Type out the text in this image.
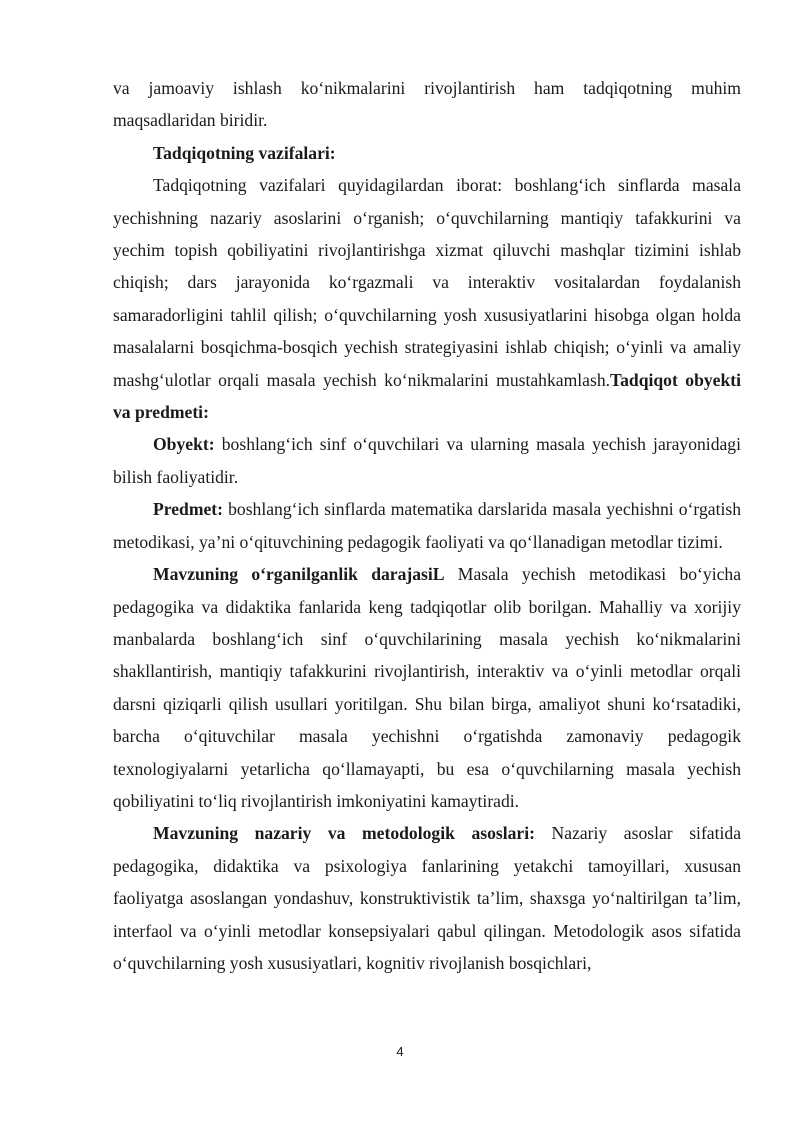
va jamoaviy ishlash ko‘nikmalarini rivojlantirish ham tadqiqotning muhim maqsadlaridan biridir.

Tadqiqotning vazifalari:

Tadqiqotning vazifalari quyidagilardan iborat: boshlang‘ich sinflarda masala yechishning nazariy asoslarini o‘rganish; o‘quvchilarning mantiqiy tafakkurini va yechim topish qobiliyatini rivojlantirishga xizmat qiluvchi mashqlar tizimini ishlab chiqish; dars jarayonida ko‘rgazmali va interaktiv vositalardan foydalanish samaradorligini tahlil qilish; o‘quvchilarning yosh xususiyatlarini hisobga olgan holda masalalarni bosqichma-bosqich yechish strategiyasini ishlab chiqish; o‘yinli va amaliy mashg‘ulotlar orqali masala yechish ko‘nikmalarini mustahkamlash.Tadqiqot obyekti va predmeti:

Obyekt: boshlang‘ich sinf o‘quvchilari va ularning masala yechish jarayonidagi bilish faoliyatidir.

Predmet: boshlang‘ich sinflarda matematika darslarida masala yechishni o‘rgatish metodikasi, ya’ni o‘qituvchining pedagogik faoliyati va qo‘llanadigan metodlar tizimi.

Mavzuning o‘rganilganlik darajasiL Masala yechish metodikasi bo‘yicha pedagogika va didaktika fanlarida keng tadqiqotlar olib borilgan. Mahalliy va xorijiy manbalarda boshlang‘ich sinf o‘quvchilarining masala yechish ko‘nikmalarini shakllantirish, mantiqiy tafakkurini rivojlantirish, interaktiv va o‘yinli metodlar orqali darsni qiziqarli qilish usullari yoritilgan. Shu bilan birga, amaliyot shuni ko‘rsatadiki, barcha o‘qituvchilar masala yechishni o‘rgatishda zamonaviy pedagogik texnologiyalarni yetarlicha qo‘llamayapti, bu esa o‘quvchilarning masala yechish qobiliyatini to‘liq rivojlantirish imkoniyatini kamaytiradi.

Mavzuning nazariy va metodologik asoslari: Nazariy asoslar sifatida pedagogika, didaktika va psixologiya fanlarining yetakchi tamoyillari, xususan faoliyatga asoslangan yondashuv, konstruktivistik ta’lim, shaxsga yo‘naltirilgan ta’lim, interfaol va o‘yinli metodlar konsepsiyalari qabul qilingan. Metodologik asos sifatida o‘quvchilarning yosh xususiyatlari, kognitiv rivojlanish bosqichlari,

4
